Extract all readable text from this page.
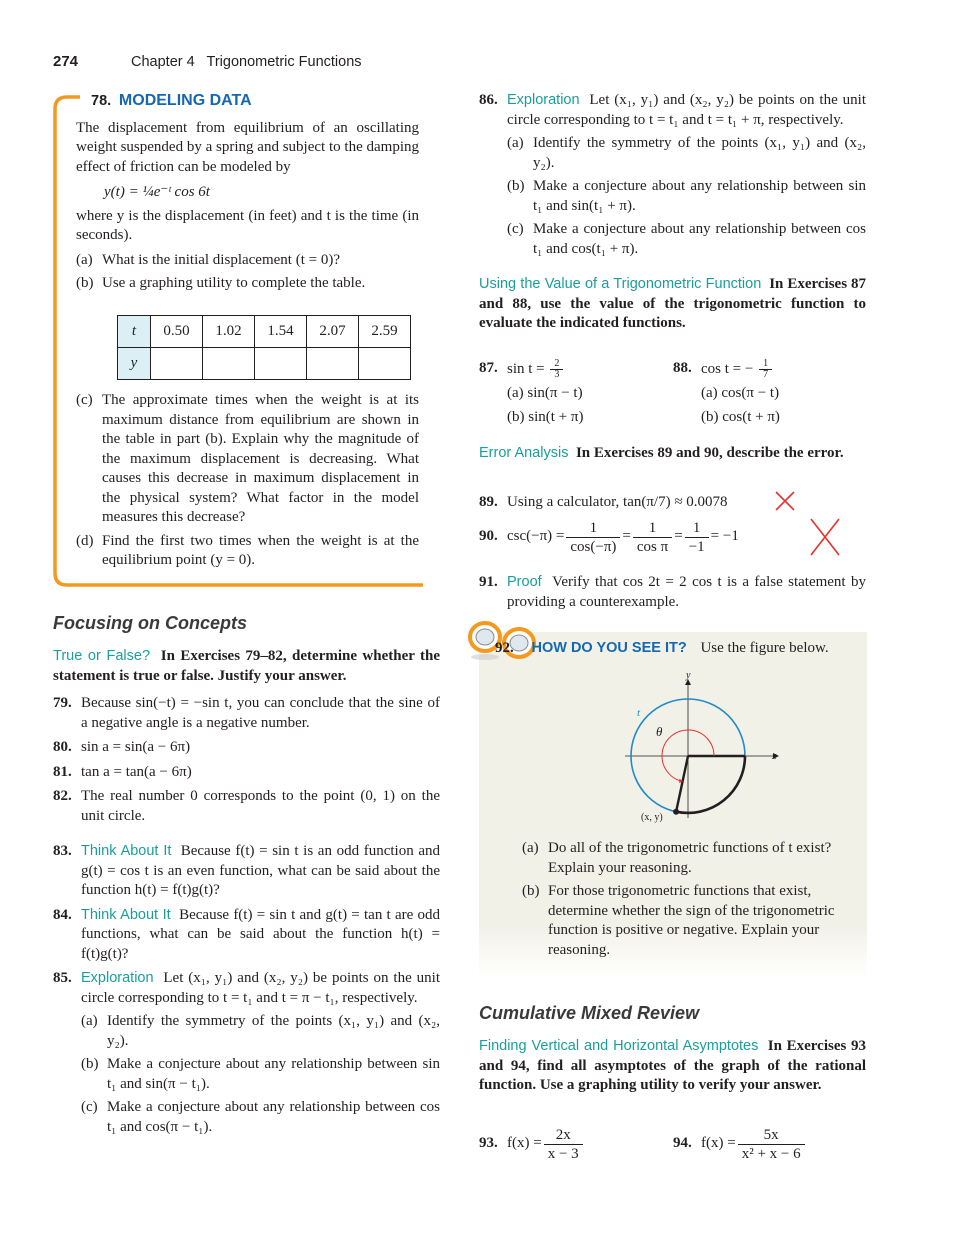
274	Chapter 4 Trigonometric Functions
78. MODELING DATA
The displacement from equilibrium of an oscillating weight suspended by a spring and subject to the damping effect of friction can be modeled by
y(t) = ¼e⁻ᵗ cos 6t
where y is the displacement (in feet) and t is the time (in seconds).
(a) What is the initial displacement (t = 0)?
(b) Use a graphing utility to complete the table.
t	0.50	1.02	1.54	2.07	2.59
y					
(c) The approximate times when the weight is at its maximum distance from equilibrium are shown in the table in part (b). Explain why the magnitude of the maximum displacement is decreasing. What causes this decrease in maximum displacement in the physical system? What factor in the model measures this decrease?
(d) Find the first two times when the weight is at the equilibrium point (y = 0).
Focusing on Concepts
True or False? In Exercises 79–82, determine whether the statement is true or false. Justify your answer.
79. Because sin(−t) = −sin t, you can conclude that the sine of a negative angle is a negative number.
80. sin a = sin(a − 6π)
81. tan a = tan(a − 6π)
82. The real number 0 corresponds to the point (0, 1) on the unit circle.
83. Think About It Because f(t) = sin t is an odd function and g(t) = cos t is an even function, what can be said about the function h(t) = f(t)g(t)?
84. Think About It Because f(t) = sin t and g(t) = tan t are odd functions, what can be said about the function h(t) = f(t)g(t)?
85. Exploration Let (x₁, y₁) and (x₂, y₂) be points on the unit circle corresponding to t = t₁ and t = π − t₁, respectively.
(a) Identify the symmetry of the points (x₁, y₁) and (x₂, y₂).
(b) Make a conjecture about any relationship between sin t₁ and sin(π − t₁).
(c) Make a conjecture about any relationship between cos t₁ and cos(π − t₁).
86. Exploration Let (x₁, y₁) and (x₂, y₂) be points on the unit circle corresponding to t = t₁ and t = t₁ + π, respectively.
(a) Identify the symmetry of the points (x₁, y₁) and (x₂, y₂).
(b) Make a conjecture about any relationship between sin t₁ and sin(t₁ + π).
(c) Make a conjecture about any relationship between cos t₁ and cos(t₁ + π).
Using the Value of a Trigonometric Function In Exercises 87 and 88, use the value of the trigonometric function to evaluate the indicated functions.
87. $\sin t = \frac{2}{3}$
(a) sin(π − t)
(b) sin(t + π)
88. cos t = − $\frac{1}{7}$
(a) cos(π − t)
(b) cos(t + π)
Error Analysis In Exercises 89 and 90, describe the error.
89. Using a calculator, tan(π/7) ≈ 0.0078
90. $\csc(-\pi) = \frac{1}{\cos(-\pi)} = \frac{1}{\text{cos π}} = \frac{1}{-1} = -1$
91. Proof Verify that cos 2t = 2 cos t is a false statement by providing a counterexample.
92. HOW DO YOU SEE IT? Use the figure below.
y
x
t
θ
(x, y)
(a) Do all of the trigonometric functions of t exist? Explain your reasoning.
(b) For those trigonometric functions that exist, determine whether the sign of the trigonometric function is positive or negative. Explain your reasoning.
Cumulative Mixed Review
Finding Vertical and Horizontal Asymptotes In Exercises 93 and 94, find all asymptotes of the graph of the rational function. Use a graphing utility to verify your answer.
93. $f(x) = \frac{2x}{x - 3}$	94. $f(x) = \frac{5x}{\text{x² + x − 6}}$
